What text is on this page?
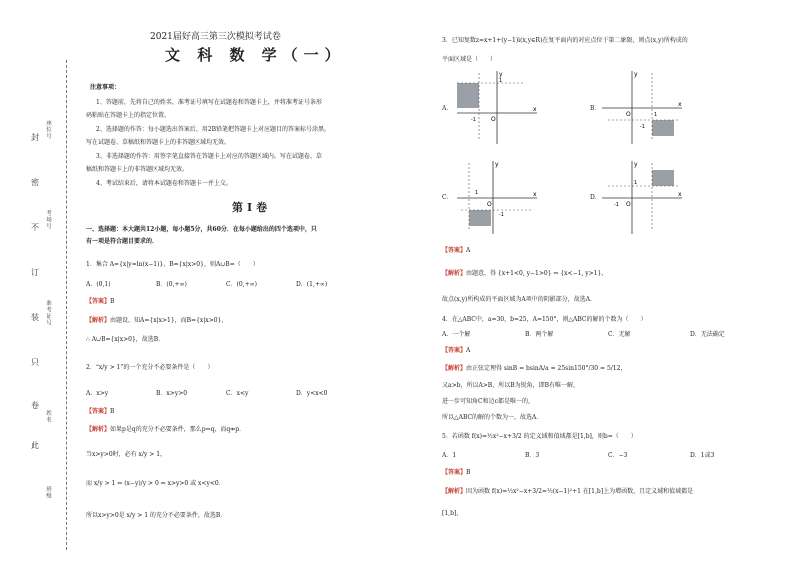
封
密
不
订
装
只
卷
此
座位号
考场号
准考证号
姓名
班级
2021届好高三第三次模拟考试卷
文 科 数 学（一）
注意事项：
1、答题前，先将自己的姓名、准考证号填写在试题卷和答题卡上，并将准考证号条形
码粘贴在答题卡上的指定位置。
2、选择题的作答：每小题选出答案后，用2B铅笔把答题卡上对应题目的答案标号涂黑，
写在试题卷、草稿纸和答题卡上的非答题区域均无效。
3、非选择题的作答：用签字笔直接答在答题卡上对应的答题区域内。写在试题卷、草
稿纸和答题卡上的非答题区域均无效。
4、考试结束后，请将本试题卷和答题卡一并上交。
第Ⅰ卷
一、选择题：本大题共12小题，每小题5分，共60分．在每小题给出的四个选项中，只
有一项是符合题目要求的．
1．集合 A={x|y=ln(x−1)}，B={x|x>0}，则A∪B=（　　）
A．(0,1)	B．(0,+∞)	C．(0,+∞)	D．(1,+∞)
【答案】B
【解析】由题设，知A={x|x>1}，而B={x|x>0}，
∴ A∪B={x|x>0}，故选B．
2．“x/y > 1”的一个充分不必要条件是（　　）
A．x>y	B．x>y>0	C．x<y	D．y<x<0
【答案】B
【解析】如果p是q的充分不必要条件，那么p⇒q，而q⇏p．
当x>y>0时，必有 x/y > 1，
而 x/y > 1 ⇔ (x−y)/y > 0 ⇔ x>y>0 或 x<y<0．
所以x>y>0是 x/y > 1 的充分不必要条件，故选B．
3．已知复数z=x+1+(y−1)i(x,y∈R)在复平面内的对应点位于第二象限，则点(x,y)所构成的
平面区域是（　　）
A．	B．
C．	D．
x
y
O
-1
1
x
y
O	1
-1
x
y
O
-1
1	x
y
O
1
-1
【答案】A
【解析】由题意，得 {x+1<0, y−1>0} ⇒ {x<−1, y>1}，
故点(x,y)所构成的平面区域为A项中的阴影部分，故选A．
4．在△ABC中，a=30，b=25，A=150°，则△ABC的解的个数为（　　）
A．一个解	B．两个解	C．无解	D．无法确定
【答案】A
【解析】由正弦定理得 sinB = bsinA/a = 25sin150°/30 = 5/12，
又a>b，所以A>B，所以B为锐角，即B有唯一解，
进一步可知角C和边c都是唯一的，
所以△ABC的解的个数为一，故选A．
5．若函数 f(x)=½x²−x+3/2 的定义域和值域都是[1,b]，则b=（　　）
A．1	B．3	C．−3	D．1或3
【答案】B
【解析】因为函数 f(x)=½x²−x+3/2=½(x−1)²+1 在[1,b]上为增函数，且定义域和值域都是
[1,b]，
